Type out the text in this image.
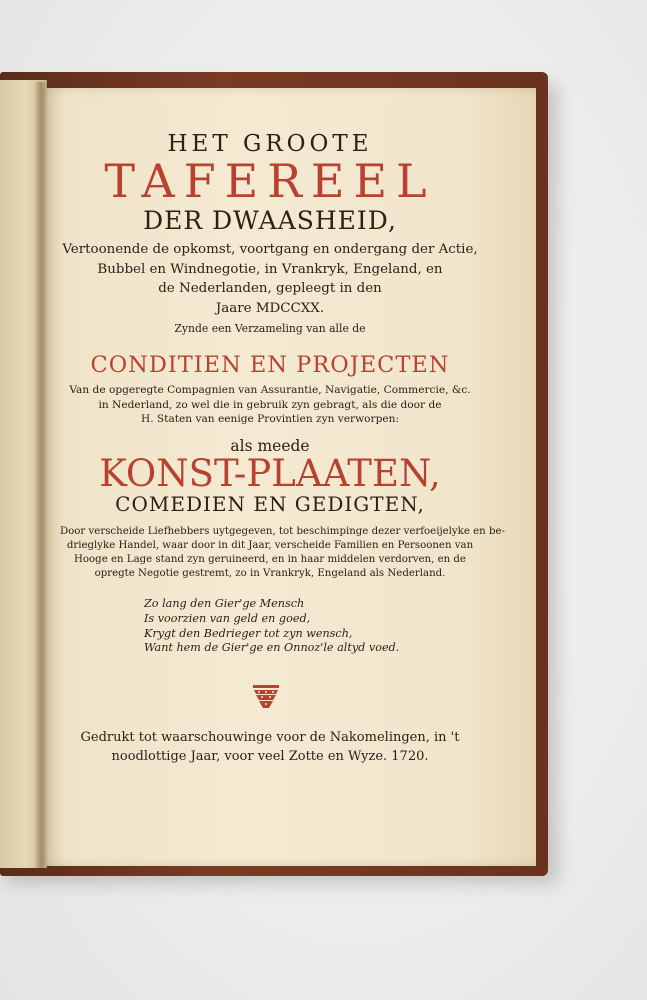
HET GROOTE

TAFEREEL

DER DWAASHEID,

Vertoonende de opkomst, voortgang en ondergang der Actie,
Bubbel en Windnegotie, in Vrankryk, Engeland, en
de Nederlanden, gepleegt in den
Jaare MDCCXX.

Zynde een Verzameling van alle de

CONDITIEN EN PROJECTEN

Van de opgeregte Compagnien van Assurantie, Navigatie, Commercie, &c.
in Nederland, zo wel die in gebruik zyn gebragt, als die door de
H. Staten van eenige Provintien zyn verworpen:

als meede

KONST-PLAATEN,

COMEDIEN EN GEDIGTEN,

Door verscheide Liefhebbers uytgegeven, tot beschimpinge dezer verfoeijelyke en be-
drieglyke Handel, waar door in dit Jaar, verscheide Familien en Persoonen van
Hooge en Lage stand zyn geruineerd, en in haar middelen verdorven, en de
opregte Negotie gestremt, zo in Vrankryk, Engeland als Nederland.

Zo lang den Gier'ge Mensch
Is voorzien van geld en goed,
Krygt den Bedrieger tot zyn wensch,
Want hem de Gier'ge en Onnoz'le altyd voed.

Gedrukt tot waarschouwinge voor de Nakomelingen, in 't
noodlottige Jaar, voor veel Zotte en Wyze. 1720.
